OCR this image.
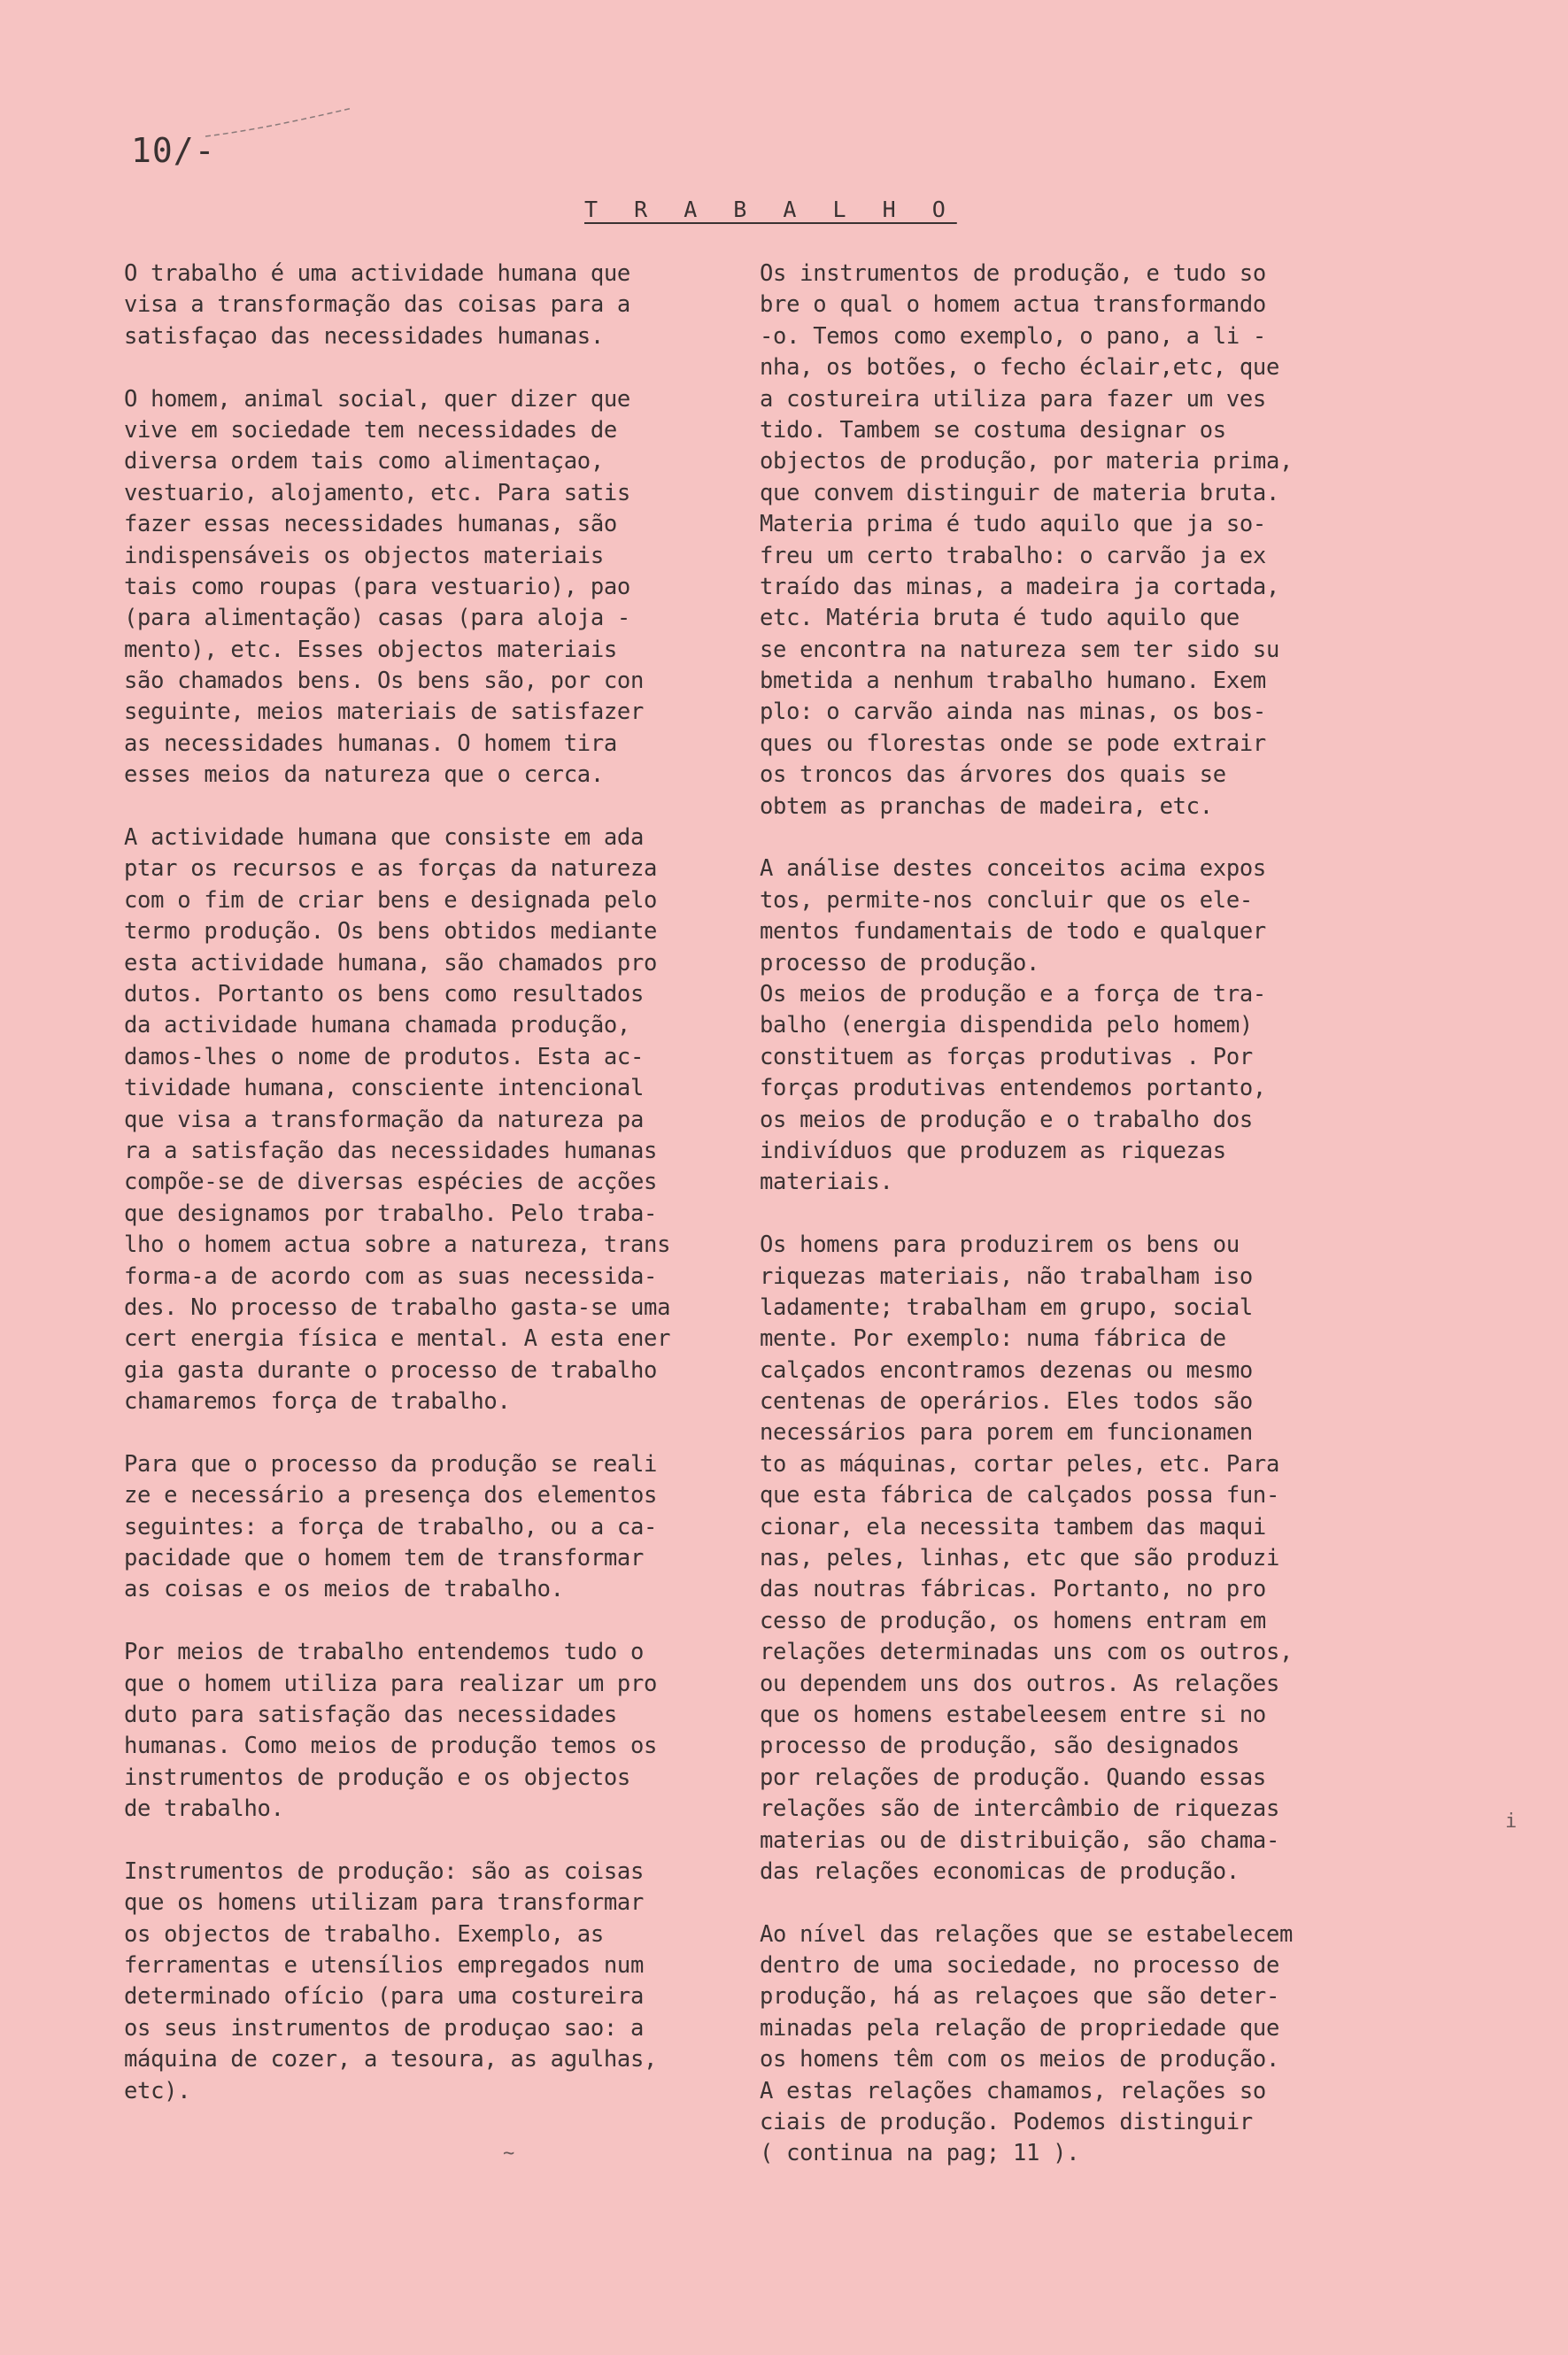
10/-
T R A B A L H O
O trabalho é uma actividade humana que
visa a transformação das coisas para a
satisfaçao das necessidades humanas.
O homem, animal social, quer dizer que
vive em sociedade tem necessidades de
diversa ordem tais como alimentaçao,
vestuario, alojamento, etc. Para satis
fazer essas necessidades humanas, são
indispensáveis os objectos materiais
tais como roupas (para vestuario), pao
(para alimentação) casas (para aloja -
mento), etc. Esses objectos materiais
são chamados bens. Os bens são, por con
seguinte, meios materiais de satisfazer
as necessidades humanas. O homem tira
esses meios da natureza que o cerca.
A actividade humana que consiste em ada
ptar os recursos e as forças da natureza
com o fim de criar bens e designada pelo
termo produção. Os bens obtidos mediante
esta actividade humana, são chamados pro
dutos. Portanto os bens como resultados
da actividade humana chamada produção,
damos-lhes o nome de produtos. Esta ac-
tividade humana, consciente intencional
que visa a transformação da natureza pa
ra a satisfação das necessidades humanas
compõe-se de diversas espécies de acções
que designamos por trabalho. Pelo traba-
lho o homem actua sobre a natureza, trans
forma-a de acordo com as suas necessida-
des. No processo de trabalho gasta-se uma
cert energia física e mental. A esta ener
gia gasta durante o processo de trabalho
chamaremos força de trabalho.
Para que o processo da produção se reali
ze e necessário a presença dos elementos
seguintes: a força de trabalho, ou a ca-
pacidade que o homem tem de transformar
as coisas e os meios de trabalho.
Por meios de trabalho entendemos tudo o
que o homem utiliza para realizar um pro
duto para satisfação das necessidades
humanas. Como meios de produção temos os
instrumentos de produção e os objectos
de trabalho.
Instrumentos de produção: são as coisas
que os homens utilizam para transformar
os objectos de trabalho. Exemplo, as
ferramentas e utensílios empregados num
determinado ofício (para uma costureira
os seus instrumentos de produçao sao: a
máquina de cozer, a tesoura, as agulhas,
etc).
Os instrumentos de produção, e tudo so
bre o qual o homem actua transformando
-o. Temos como exemplo, o pano, a li -
nha, os botões, o fecho éclair,etc, que
a costureira utiliza para fazer um ves
tido. Tambem se costuma designar os
objectos de produção, por materia prima,
que convem distinguir de materia bruta.
Materia prima é tudo aquilo que ja so-
freu um certo trabalho: o carvão ja ex
traído das minas, a madeira ja cortada,
etc. Matéria bruta é tudo aquilo que
se encontra na natureza sem ter sido su
bmetida a nenhum trabalho humano. Exem
plo: o carvão ainda nas minas, os bos-
ques ou florestas onde se pode extrair
os troncos das árvores dos quais se
obtem as pranchas de madeira, etc.
A análise destes conceitos acima expos
tos, permite-nos concluir que os ele-
mentos fundamentais de todo e qualquer
processo de produção.
Os meios de produção e a força de tra-
balho (energia dispendida pelo homem)
constituem as forças produtivas . Por
forças produtivas entendemos portanto,
os meios de produção e o trabalho dos
indivíduos que produzem as riquezas
materiais.
Os homens para produzirem os bens ou
riquezas materiais, não trabalham iso
ladamente; trabalham em grupo, social
mente. Por exemplo: numa fábrica de
calçados encontramos dezenas ou mesmo
centenas de operários. Eles todos são
necessários para porem em funcionamen
to as máquinas, cortar peles, etc. Para
que esta fábrica de calçados possa fun-
cionar, ela necessita tambem das maqui
nas, peles, linhas, etc que são produzi
das noutras fábricas. Portanto, no pro
cesso de produção, os homens entram em
relações determinadas uns com os outros,
ou dependem uns dos outros. As relações
que os homens estabeleesem entre si no
processo de produção, são designados
por relações de produção. Quando essas
relações são de intercâmbio de riquezas
materias ou de distribuição, são chama-
das relações economicas de produção.
Ao nível das relações que se estabelecem
dentro de uma sociedade, no processo de
produção, há as relaçoes que são deter-
minadas pela relação de propriedade que
os homens têm com os meios de produção.
A estas relações chamamos, relações so
ciais de produção. Podemos distinguir
( continua na pag; 11 ).
i
~
